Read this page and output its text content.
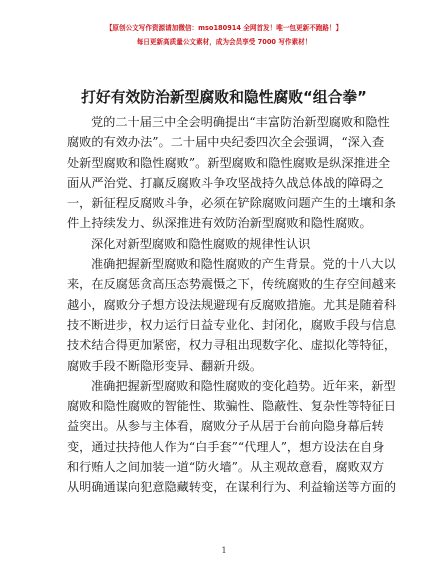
【原创公文写作资源请加微信：mso180914 全网首发！唯一包更新不跑路！】
每日更新高质量公文素材，成为会员享受 7000 写作素材！
打好有效防治新型腐败和隐性腐败“组合拳”
党的二十届三中全会明确提出“丰富防治新型腐败和隐性
腐败的有效办法”。二十届中央纪委四次全会强调，“深入查
处新型腐败和隐性腐败”。新型腐败和隐性腐败是纵深推进全
面从严治党、打赢反腐败斗争攻坚战持久战总体战的障碍之
一，新征程反腐败斗争，必须在铲除腐败问题产生的土壤和条
件上持续发力、纵深推进有效防治新型腐败和隐性腐败。
深化对新型腐败和隐性腐败的规律性认识
准确把握新型腐败和隐性腐败的产生背景。党的十八大以
来，在反腐惩贪高压态势震慑之下，传统腐败的生存空间越来
越小，腐败分子想方设法规避现有反腐败措施。尤其是随着科
技不断进步，权力运行日益专业化、封闭化，腐败手段与信息
技术结合得更加紧密，权力寻租出现数字化、虚拟化等特征，
腐败手段不断隐形变异、翻新升级。
准确把握新型腐败和隐性腐败的变化趋势。近年来，新型
腐败和隐性腐败的智能性、欺骗性、隐蔽性、复杂性等特征日
益突出。从参与主体看，腐败分子从居于台前向隐身幕后转
变，通过扶持他人作为“白手套”“代理人”，想方设法在自身
和行贿人之间加装一道“防火墙”。从主观故意看，腐败双方
从明确通谋向犯意隐藏转变，在谋利行为、利益输送等方面的
1
